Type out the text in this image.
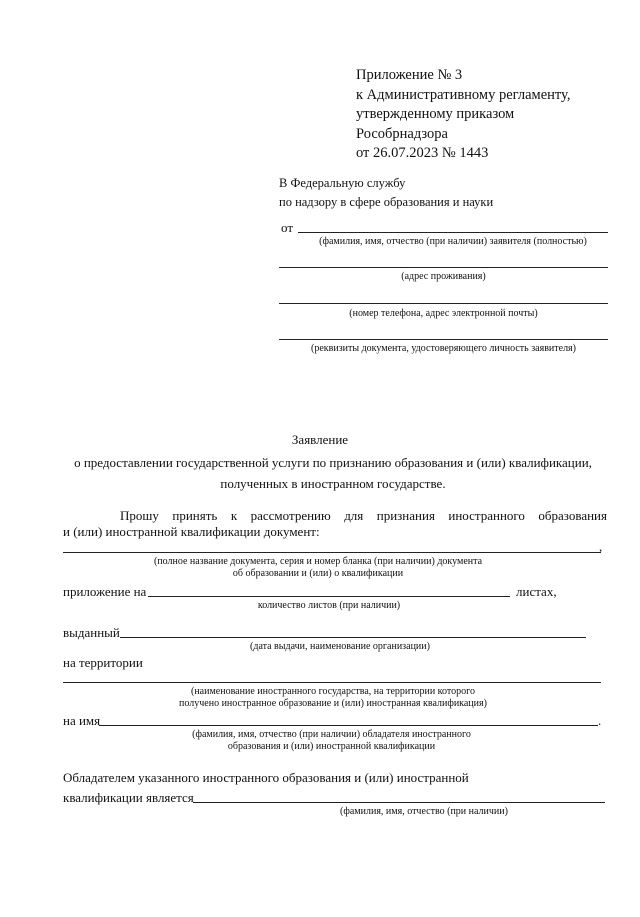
Приложение № 3
к Административному регламенту,
утвержденному приказом
Рособрнадзора
от 26.07.2023 № 1443
В Федеральную службу
по надзору в сфере образования и науки
от
(фамилия, имя, отчество (при наличии) заявителя (полностью)
(адрес проживания)
(номер телефона, адрес электронной почты)
(реквизиты документа, удостоверяющего личность заявителя)
Заявление
о предоставлении государственной услуги по признанию образования и (или) квалификации,
полученных в иностранном государстве.
Прошу принять к рассмотрению для признания иностранного образования
и (или) иностранной квалификации документ:
,
(полное название документа, серия и номер бланка (при наличии) документа
об образовании и (или) о квалификации
приложение на	листах,
количество листов (при наличии)
выданный
(дата выдачи, наименование организации)
на территории
(наименование иностранного государства, на территории которого
получено иностранное образование и (или) иностранная квалификация)
на имя	.
(фамилия, имя, отчество (при наличии) обладателя иностранного
образования и (или) иностранной квалификации
Обладателем указанного иностранного образования и (или) иностранной
квалификации является
(фамилия, имя, отчество (при наличии)
